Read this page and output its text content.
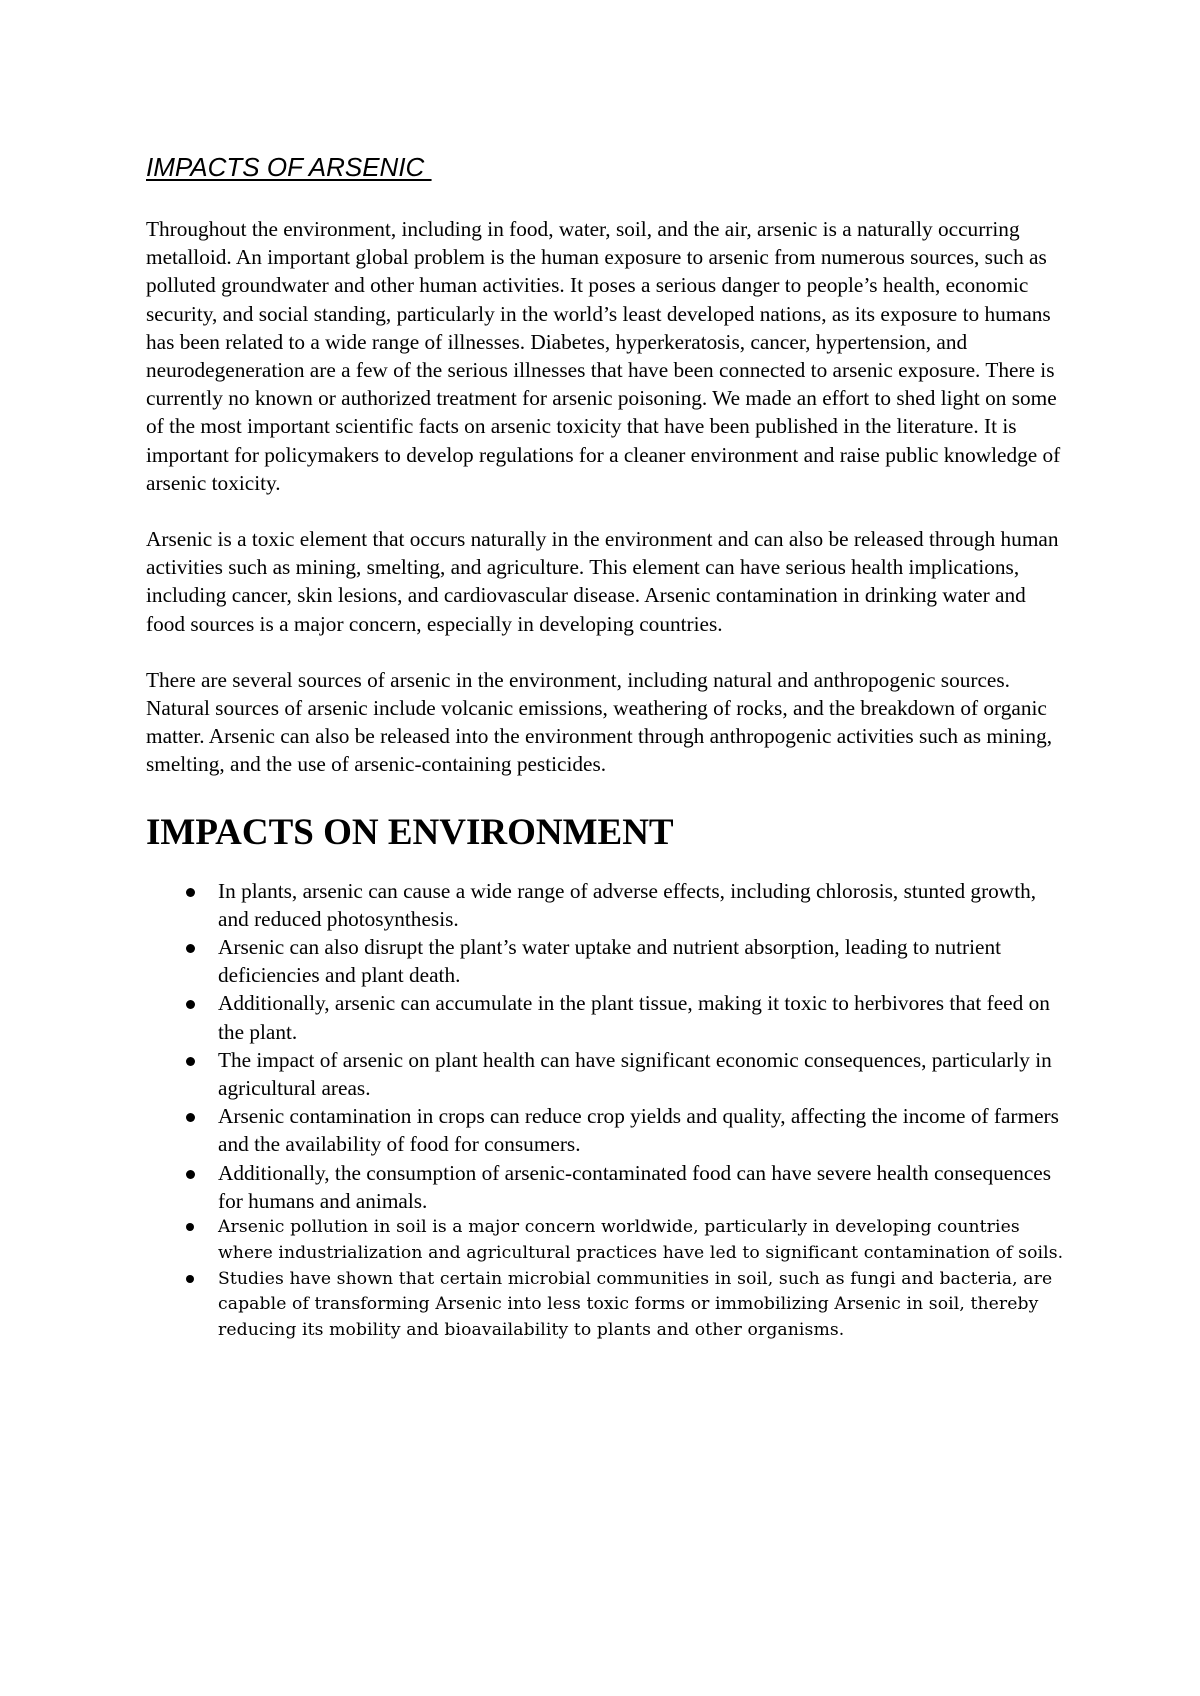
IMPACTS OF ARSENIC

Throughout the environment, including in food, water, soil, and the air, arsenic is a naturally occurring metalloid. An important global problem is the human exposure to arsenic from numerous sources, such as polluted groundwater and other human activities. It poses a serious danger to people’s health, economic security, and social standing, particularly in the world’s least developed nations, as its exposure to humans has been related to a wide range of illnesses. Diabetes, hyperkeratosis, cancer, hypertension, and neurodegeneration are a few of the serious illnesses that have been connected to arsenic exposure. There is currently no known or authorized treatment for arsenic poisoning. We made an effort to shed light on some of the most important scientific facts on arsenic toxicity that have been published in the literature. It is important for policymakers to develop regulations for a cleaner environment and raise public knowledge of arsenic toxicity.

Arsenic is a toxic element that occurs naturally in the environment and can also be released through human activities such as mining, smelting, and agriculture. This element can have serious health implications, including cancer, skin lesions, and cardiovascular disease. Arsenic contamination in drinking water and food sources is a major concern, especially in developing countries.

There are several sources of arsenic in the environment, including natural and anthropogenic sources. Natural sources of arsenic include volcanic emissions, weathering of rocks, and the breakdown of organic matter. Arsenic can also be released into the environment through anthropogenic activities such as mining, smelting, and the use of arsenic-containing pesticides.

IMPACTS ON ENVIRONMENT
In plants, arsenic can cause a wide range of adverse effects, including chlorosis, stunted growth, and reduced photosynthesis.
Arsenic can also disrupt the plant’s water uptake and nutrient absorption, leading to nutrient deficiencies and plant death.
Additionally, arsenic can accumulate in the plant tissue, making it toxic to herbivores that feed on the plant.
The impact of arsenic on plant health can have significant economic consequences, particularly in agricultural areas.
Arsenic contamination in crops can reduce crop yields and quality, affecting the income of farmers and the availability of food for consumers.
Additionally, the consumption of arsenic-contaminated food can have severe health consequences for humans and animals.
Arsenic pollution in soil is a major concern worldwide, particularly in developing countries where industrialization and agricultural practices have led to significant contamination of soils.
Studies have shown that certain microbial communities in soil, such as fungi and bacteria, are capable of transforming Arsenic into less toxic forms or immobilizing Arsenic in soil, thereby reducing its mobility and bioavailability to plants and other organisms.
